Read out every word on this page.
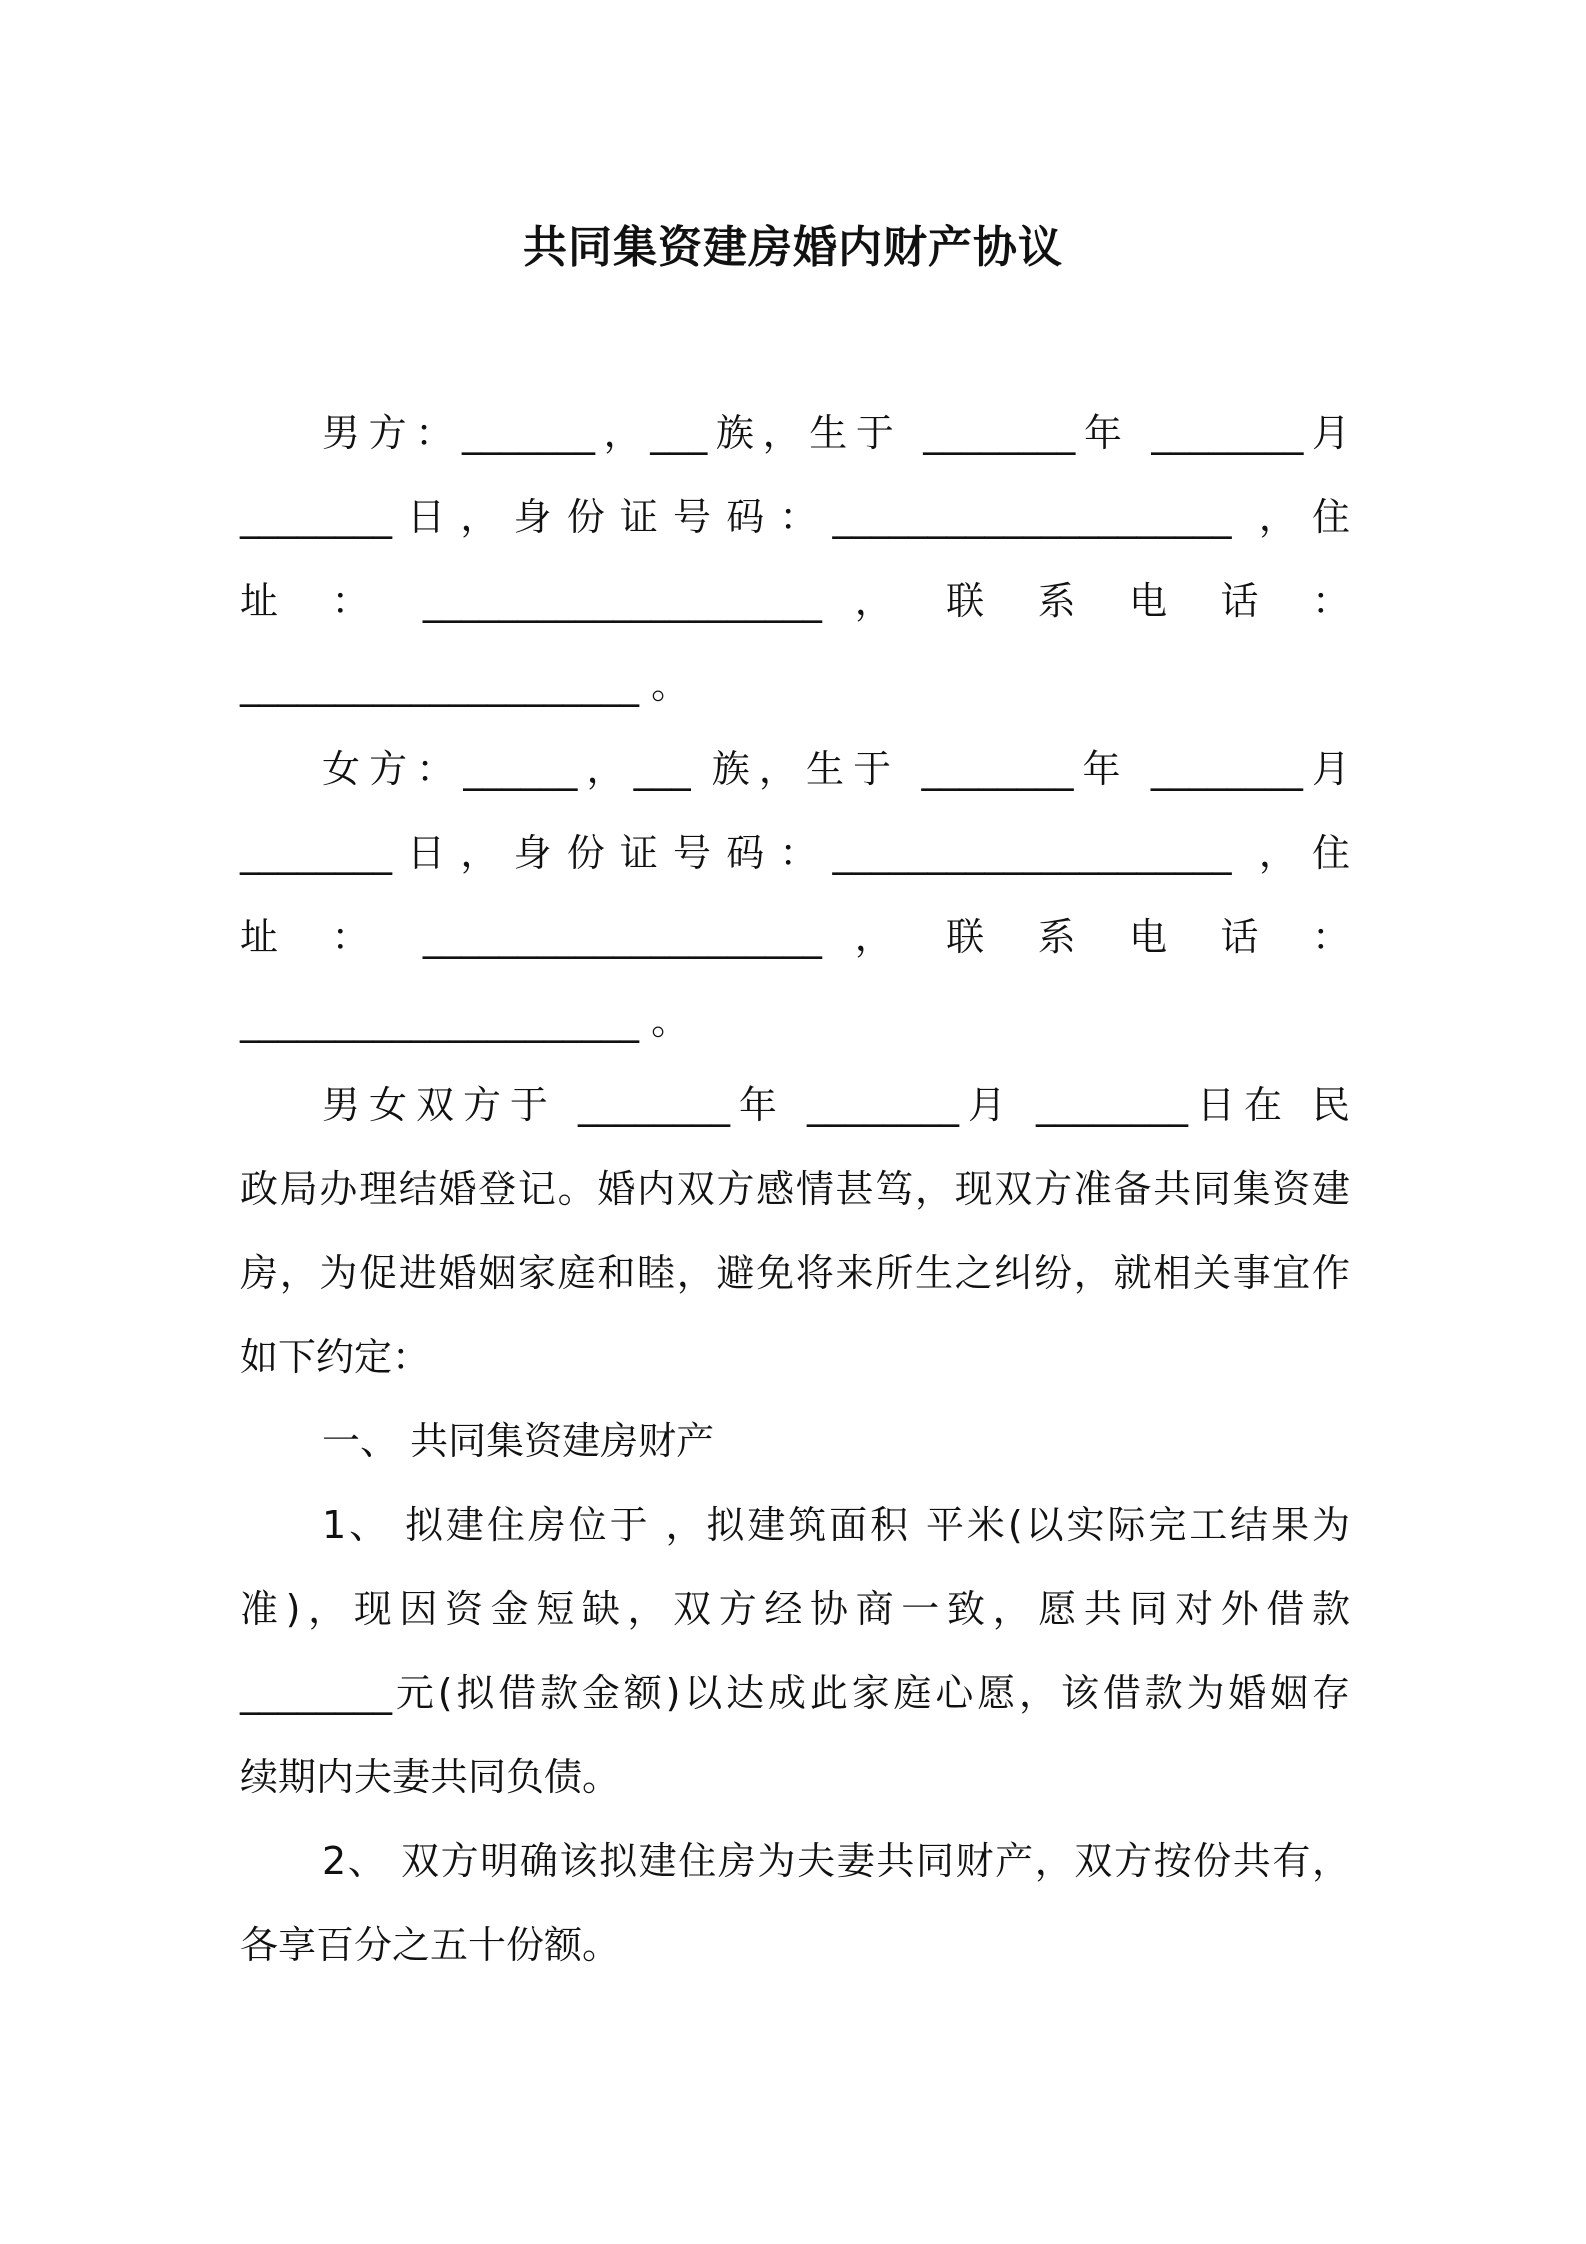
共同集资建房婚内财产协议
男方：_______，___族，生于 ________年 ________月
________日，身份证号码：_____________________ ，住
址 ： _____________________ ， 联 系 电 话 ：
_____________________ 。
女方：______，___ 族，生于 ________年 ________月
________日，身份证号码：_____________________ ，住
址 ： _____________________ ， 联 系 电 话 ：
_____________________ 。
男女双方于 ________年 ________月 ________日在 民
政局办理结婚登记。婚内双方感情甚笃，现双方准备共同集资建
房，为促进婚姻家庭和睦，避免将来所生之纠纷，就相关事宜作
如下约定：
一、 共同集资建房财产
1、 拟建住房位于 ，拟建筑面积 平米(以实际完工结果为
准)，现因资金短缺，双方经协商一致，愿共同对外借款
________元(拟借款金额)以达成此家庭心愿，该借款为婚姻存
续期内夫妻共同负债。
2、 双方明确该拟建住房为夫妻共同财产，双方按份共有，
各享百分之五十份额。
